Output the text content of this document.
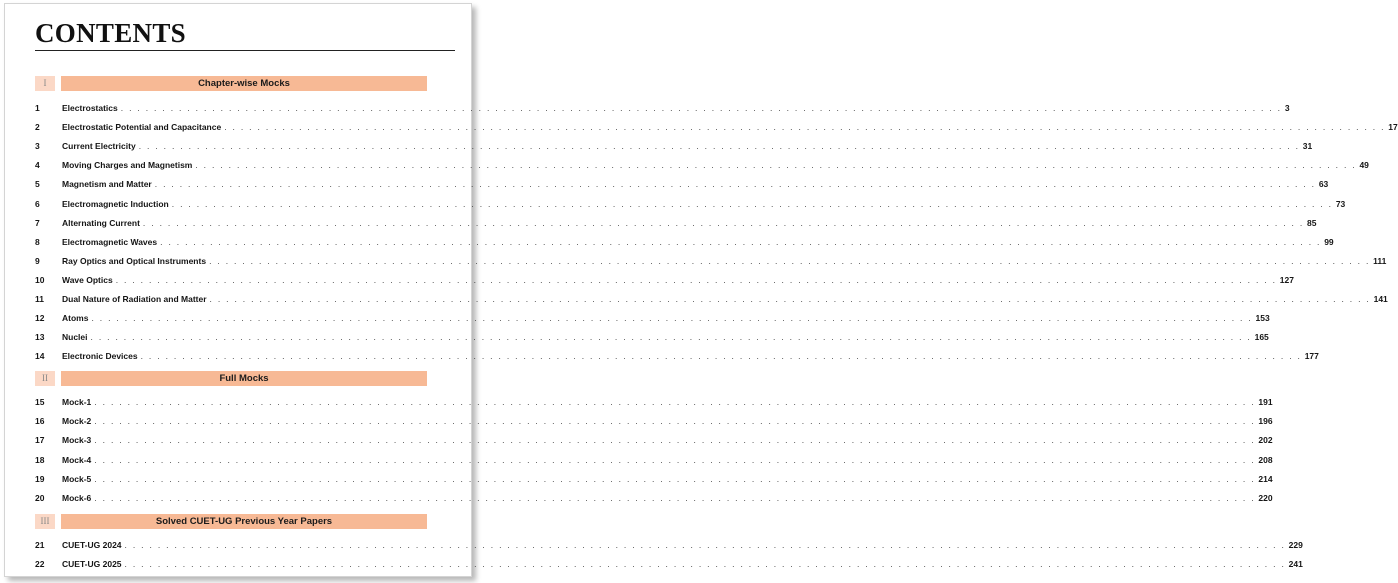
CONTENTS
I	Chapter-wise Mocks
1	Electrostatics . . . . . . . . . . . . . . . . . . . . . . . . . . . . . . . . . . . . . . . . . . . . . . . . . . . . . . . . . . . . . . . . . . . . . . . . . . . . . . . . . . . . . . . . . . . . . . . . . . . . . . . . . . . . . . . . . . . . . . . . . . . . . . . . . . . . . . . . . . . . 3
2	Electrostatic Potential and Capacitance . . . . . . . . . . . . . . . . . . . . . . . . . . . . . . . . . . . . . . . . . . . . . . . . . . . . . . . . . . . . . . . . . . . . . . . . . . . . . . . . . . . . . . . . . . . . . . . . . . . . . . . . . . . . . . . . . . . . . . . . . . . . . . . . . . . . . . . . . . . . 17
3	Current Electricity . . . . . . . . . . . . . . . . . . . . . . . . . . . . . . . . . . . . . . . . . . . . . . . . . . . . . . . . . . . . . . . . . . . . . . . . . . . . . . . . . . . . . . . . . . . . . . . . . . . . . . . . . . . . . . . . . . . . . . . . . . . . . . . . . . . . . . . . . . . . 31
4	Moving Charges and Magnetism . . . . . . . . . . . . . . . . . . . . . . . . . . . . . . . . . . . . . . . . . . . . . . . . . . . . . . . . . . . . . . . . . . . . . . . . . . . . . . . . . . . . . . . . . . . . . . . . . . . . . . . . . . . . . . . . . . . . . . . . . . . . . . . . . . . . . . . . . . . . 49
5	Magnetism and Matter . . . . . . . . . . . . . . . . . . . . . . . . . . . . . . . . . . . . . . . . . . . . . . . . . . . . . . . . . . . . . . . . . . . . . . . . . . . . . . . . . . . . . . . . . . . . . . . . . . . . . . . . . . . . . . . . . . . . . . . . . . . . . . . . . . . . . . . . . . . . 63
6	Electromagnetic Induction . . . . . . . . . . . . . . . . . . . . . . . . . . . . . . . . . . . . . . . . . . . . . . . . . . . . . . . . . . . . . . . . . . . . . . . . . . . . . . . . . . . . . . . . . . . . . . . . . . . . . . . . . . . . . . . . . . . . . . . . . . . . . . . . . . . . . . . . . . . . 73
7	Alternating Current . . . . . . . . . . . . . . . . . . . . . . . . . . . . . . . . . . . . . . . . . . . . . . . . . . . . . . . . . . . . . . . . . . . . . . . . . . . . . . . . . . . . . . . . . . . . . . . . . . . . . . . . . . . . . . . . . . . . . . . . . . . . . . . . . . . . . . . . . . . . 85
8	Electromagnetic Waves . . . . . . . . . . . . . . . . . . . . . . . . . . . . . . . . . . . . . . . . . . . . . . . . . . . . . . . . . . . . . . . . . . . . . . . . . . . . . . . . . . . . . . . . . . . . . . . . . . . . . . . . . . . . . . . . . . . . . . . . . . . . . . . . . . . . . . . . . . . . 99
9	Ray Optics and Optical Instruments . . . . . . . . . . . . . . . . . . . . . . . . . . . . . . . . . . . . . . . . . . . . . . . . . . . . . . . . . . . . . . . . . . . . . . . . . . . . . . . . . . . . . . . . . . . . . . . . . . . . . . . . . . . . . . . . . . . . . . . . . . . . . . . . . . . . . . . . . . . . 111
10 Wave Optics . . . . . . . . . . . . . . . . . . . . . . . . . . . . . . . . . . . . . . . . . . . . . . . . . . . . . . . . . . . . . . . . . . . . . . . . . . . . . . . . . . . . . . . . . . . . . . . . . . . . . . . . . . . . . . . . . . . . . . . . . . . . . . . . . . . . . . . . . . . . 127
11 Dual Nature of Radiation and Matter . . . . . . . . . . . . . . . . . . . . . . . . . . . . . . . . . . . . . . . . . . . . . . . . . . . . . . . . . . . . . . . . . . . . . . . . . . . . . . . . . . . . . . . . . . . . . . . . . . . . . . . . . . . . . . . . . . . . . . . . . . . . . . . . . . . . . . . . . . . . 141
12 Atoms . . . . . . . . . . . . . . . . . . . . . . . . . . . . . . . . . . . . . . . . . . . . . . . . . . . . . . . . . . . . . . . . . . . . . . . . . . . . . . . . . . . . . . . . . . . . . . . . . . . . . . . . . . . . . . . . . . . . . . . . . . . . . . . . . . . . . . . . . . . . 153
13 Nuclei . . . . . . . . . . . . . . . . . . . . . . . . . . . . . . . . . . . . . . . . . . . . . . . . . . . . . . . . . . . . . . . . . . . . . . . . . . . . . . . . . . . . . . . . . . . . . . . . . . . . . . . . . . . . . . . . . . . . . . . . . . . . . . . . . . . . . . . . . . . . 165
14 Electronic Devices . . . . . . . . . . . . . . . . . . . . . . . . . . . . . . . . . . . . . . . . . . . . . . . . . . . . . . . . . . . . . . . . . . . . . . . . . . . . . . . . . . . . . . . . . . . . . . . . . . . . . . . . . . . . . . . . . . . . . . . . . . . . . . . . . . . . . . . . . . . . 177
II	Full Mocks
15 Mock-1 . . . . . . . . . . . . . . . . . . . . . . . . . . . . . . . . . . . . . . . . . . . . . . . . . . . . . . . . . . . . . . . . . . . . . . . . . . . . . . . . . . . . . . . . . . . . . . . . . . . . . . . . . . . . . . . . . . . . . . . . . . . . . . . . . . . . . . . . . . . . 191
16 Mock-2 . . . . . . . . . . . . . . . . . . . . . . . . . . . . . . . . . . . . . . . . . . . . . . . . . . . . . . . . . . . . . . . . . . . . . . . . . . . . . . . . . . . . . . . . . . . . . . . . . . . . . . . . . . . . . . . . . . . . . . . . . . . . . . . . . . . . . . . . . . . . 196
17 Mock-3 . . . . . . . . . . . . . . . . . . . . . . . . . . . . . . . . . . . . . . . . . . . . . . . . . . . . . . . . . . . . . . . . . . . . . . . . . . . . . . . . . . . . . . . . . . . . . . . . . . . . . . . . . . . . . . . . . . . . . . . . . . . . . . . . . . . . . . . . . . . . 202
18 Mock-4 . . . . . . . . . . . . . . . . . . . . . . . . . . . . . . . . . . . . . . . . . . . . . . . . . . . . . . . . . . . . . . . . . . . . . . . . . . . . . . . . . . . . . . . . . . . . . . . . . . . . . . . . . . . . . . . . . . . . . . . . . . . . . . . . . . . . . . . . . . . . 208
19 Mock-5 . . . . . . . . . . . . . . . . . . . . . . . . . . . . . . . . . . . . . . . . . . . . . . . . . . . . . . . . . . . . . . . . . . . . . . . . . . . . . . . . . . . . . . . . . . . . . . . . . . . . . . . . . . . . . . . . . . . . . . . . . . . . . . . . . . . . . . . . . . . . 214
20 Mock-6 . . . . . . . . . . . . . . . . . . . . . . . . . . . . . . . . . . . . . . . . . . . . . . . . . . . . . . . . . . . . . . . . . . . . . . . . . . . . . . . . . . . . . . . . . . . . . . . . . . . . . . . . . . . . . . . . . . . . . . . . . . . . . . . . . . . . . . . . . . . . 220
III	Solved CUET-UG Previous Year Papers
21 CUET-UG 2024 . . . . . . . . . . . . . . . . . . . . . . . . . . . . . . . . . . . . . . . . . . . . . . . . . . . . . . . . . . . . . . . . . . . . . . . . . . . . . . . . . . . . . . . . . . . . . . . . . . . . . . . . . . . . . . . . . . . . . . . . . . . . . . . . . . . . . . . . . . . . 229
22 CUET-UG 2025 . . . . . . . . . . . . . . . . . . . . . . . . . . . . . . . . . . . . . . . . . . . . . . . . . . . . . . . . . . . . . . . . . . . . . . . . . . . . . . . . . . . . . . . . . . . . . . . . . . . . . . . . . . . . . . . . . . . . . . . . . . . . . . . . . . . . . . . . . . . . 241
